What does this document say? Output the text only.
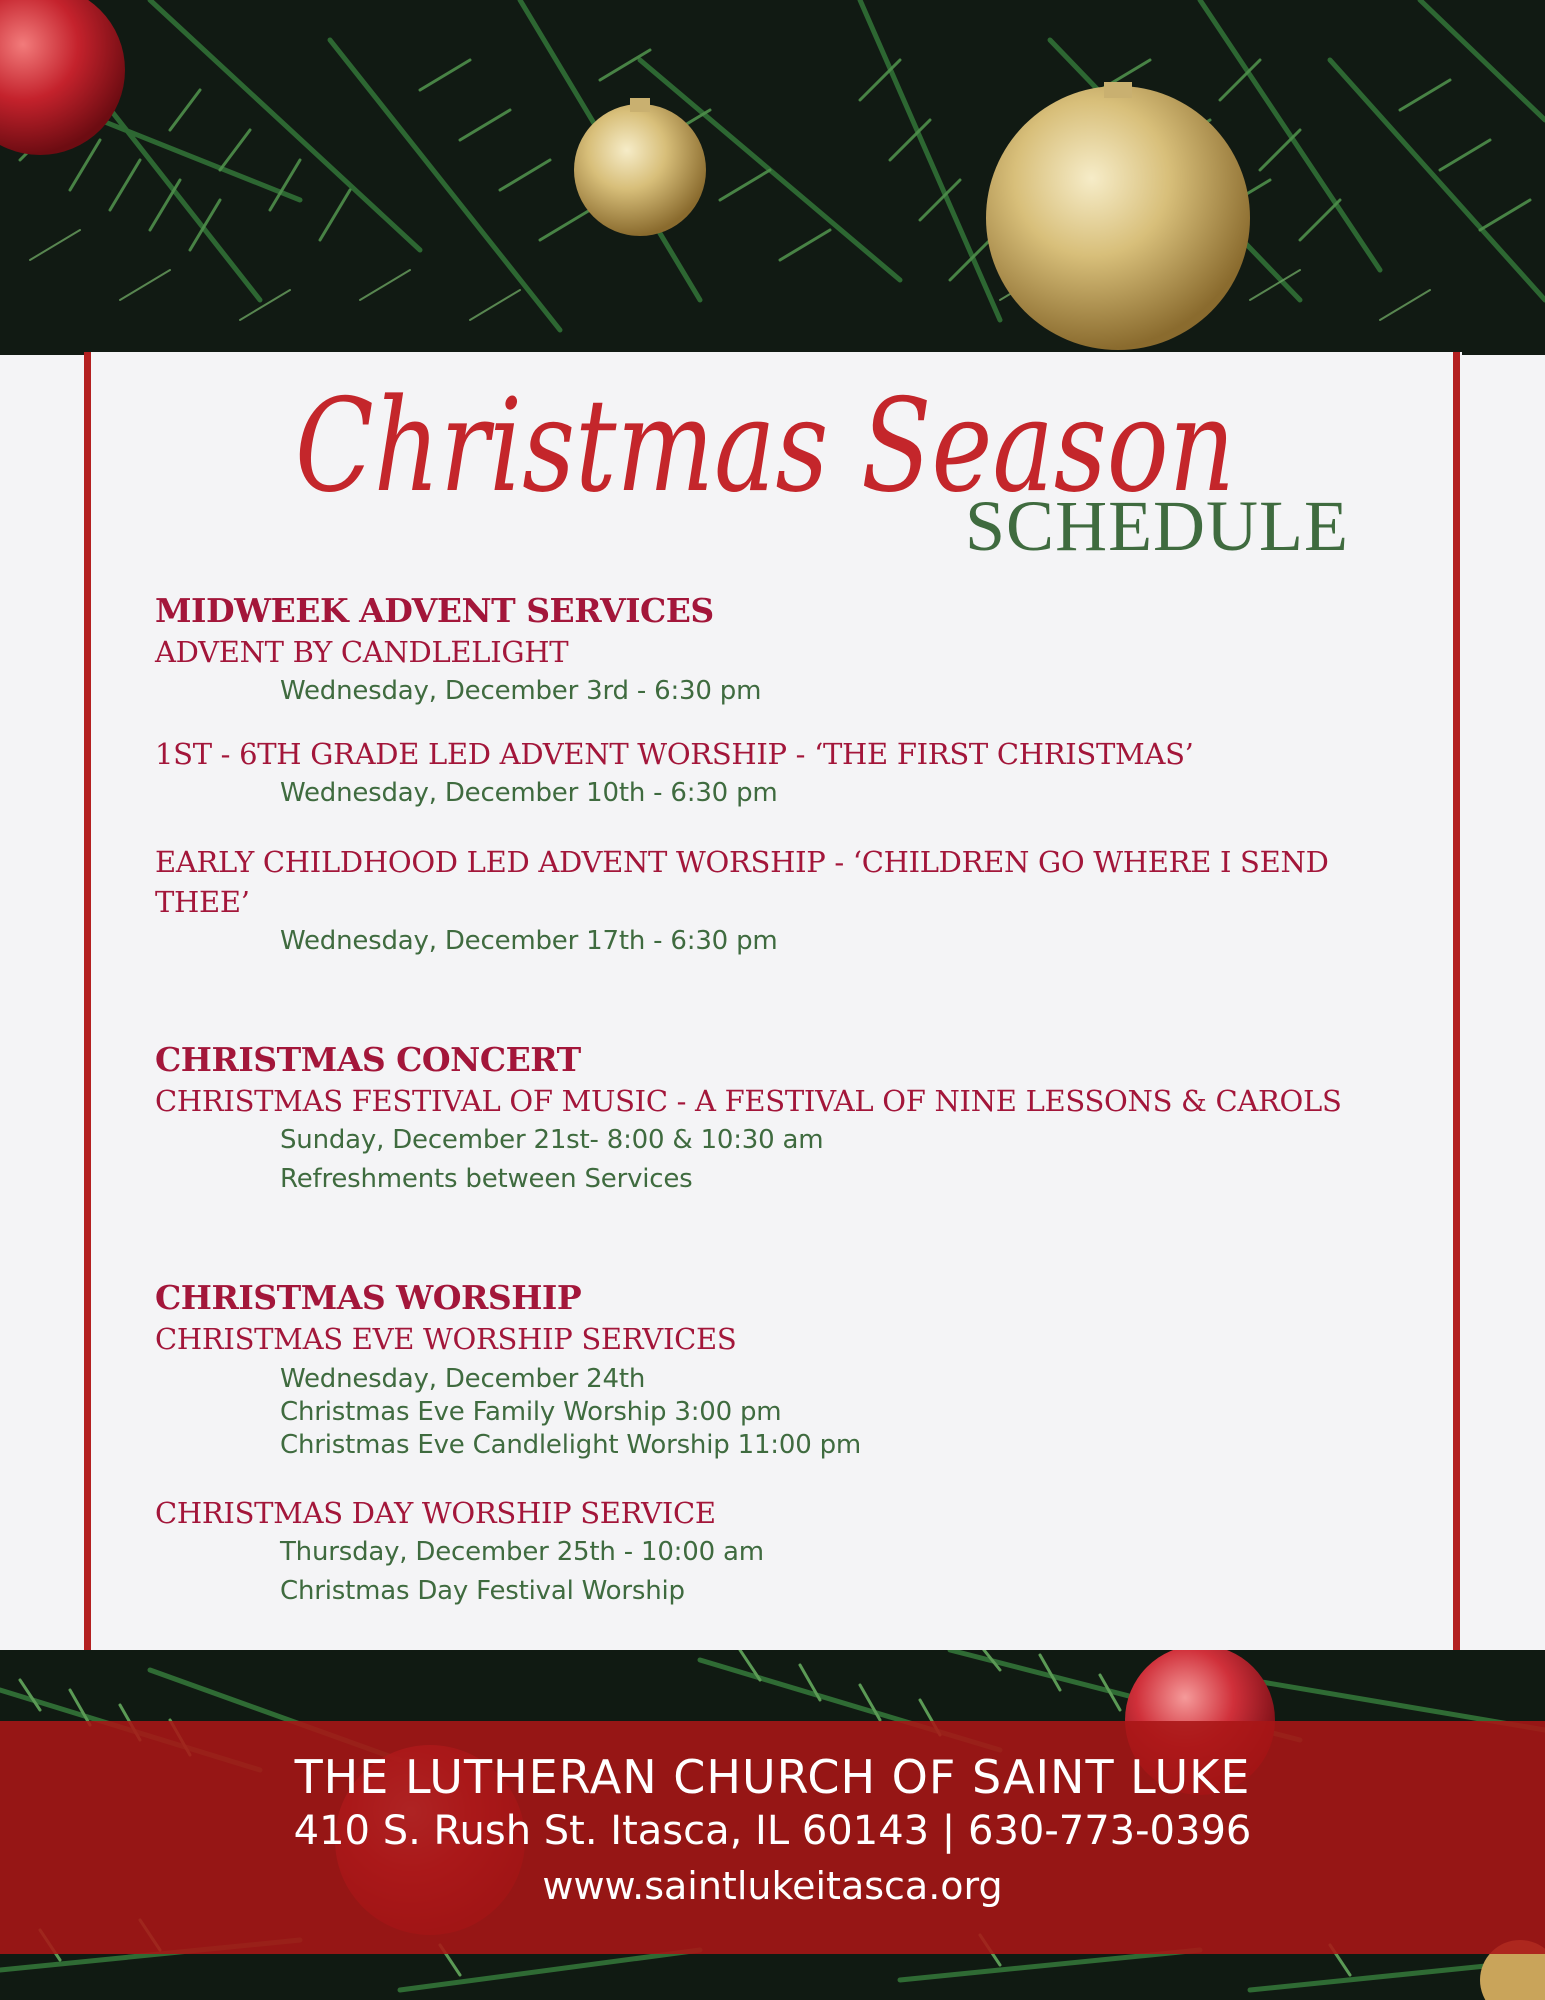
Christmas Season
SCHEDULE

MIDWEEK ADVENT SERVICES

ADVENT BY CANDLELIGHT

Wednesday, December 3rd - 6:30 pm

1ST - 6TH GRADE LED ADVENT WORSHIP - ‘THE FIRST CHRISTMAS’

Wednesday, December 10th - 6:30 pm

EARLY CHILDHOOD LED ADVENT WORSHIP - ‘CHILDREN GO WHERE I SEND THEE’

Wednesday, December 17th - 6:30 pm

CHRISTMAS CONCERT

CHRISTMAS FESTIVAL OF MUSIC - A FESTIVAL OF NINE LESSONS & CAROLS

Sunday, December 21st- 8:00 & 10:30 am

Refreshments between Services

CHRISTMAS WORSHIP

CHRISTMAS EVE WORSHIP SERVICES

Wednesday, December 24th

Christmas Eve Family Worship 3:00 pm

Christmas Eve Candlelight Worship 11:00 pm

CHRISTMAS DAY WORSHIP SERVICE

Thursday, December 25th - 10:00 am

Christmas Day Festival Worship

THE LUTHERAN CHURCH OF SAINT LUKE
410 S. Rush St. Itasca, IL 60143 | 630-773-0396
www.saintlukeitasca.org
